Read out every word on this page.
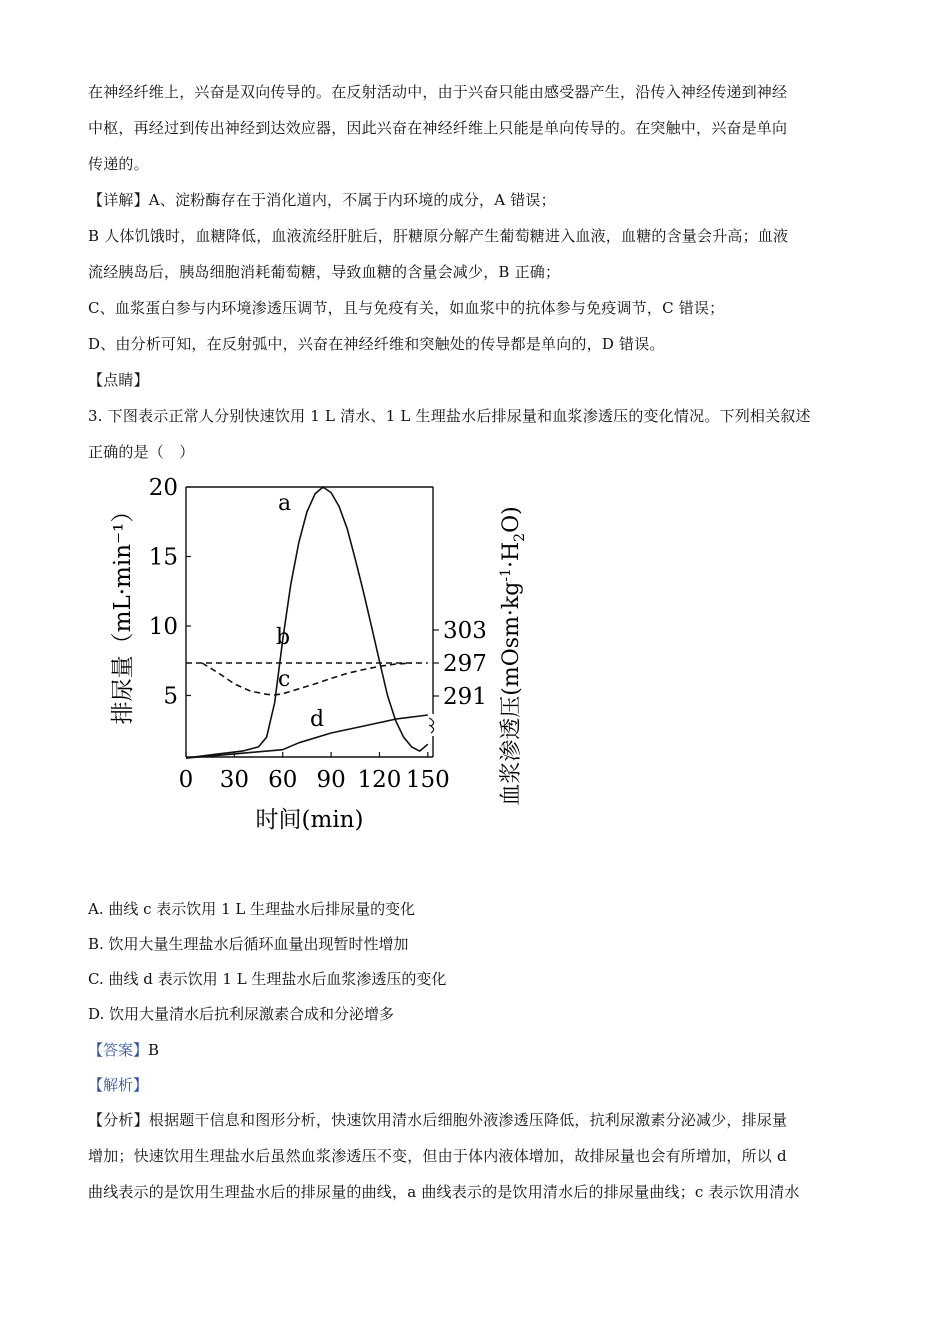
在神经纤维上，兴奋是双向传导的。在反射活动中，由于兴奋只能由感受器产生，沿传入神经传递到神经
中枢，再经过到传出神经到达效应器，因此兴奋在神经纤维上只能是单向传导的。在突触中，兴奋是单向
传递的。
【详解】A、淀粉酶存在于消化道内，不属于内环境的成分，A 错误；
B 人体饥饿时，血糖降低，血液流经肝脏后，肝糖原分解产生葡萄糖进入血液，血糖的含量会升高；血液
流经胰岛后，胰岛细胞消耗葡萄糖，导致血糖的含量会减少，B 正确；
C、血浆蛋白参与内环境渗透压调节，且与免疫有关，如血浆中的抗体参与免疫调节，C 错误；
D、由分析可知，在反射弧中，兴奋在神经纤维和突触处的传导都是单向的，D 错误。
【点睛】
3. 下图表示正常人分别快速饮用 1 L 清水、1 L 生理盐水后排尿量和血浆渗透压的变化情况。下列相关叙述
正确的是（　）
20
15
10
5
303
297
291
0 30 60 90 120 150
时间(min)
排尿量（mL·min⁻¹）	血浆渗透压$(mOsm\cdot kg^{-1}\cdot H_2O)$
a
b
c
d
A. 曲线 c 表示饮用 1 L 生理盐水后排尿量的变化
B. 饮用大量生理盐水后循环血量出现暂时性增加
C. 曲线 d 表示饮用 1 L 生理盐水后血浆渗透压的变化
D. 饮用大量清水后抗利尿激素合成和分泌增多
【答案】B
【解析】
【分析】根据题干信息和图形分析，快速饮用清水后细胞外液渗透压降低，抗利尿激素分泌减少，排尿量
增加；快速饮用生理盐水后虽然血浆渗透压不变，但由于体内液体增加，故排尿量也会有所增加，所以 d
曲线表示的是饮用生理盐水后的排尿量的曲线，a 曲线表示的是饮用清水后的排尿量曲线；c 表示饮用清水
